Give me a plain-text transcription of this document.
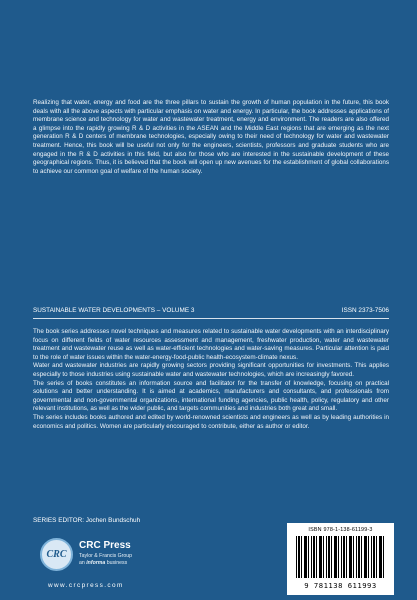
Realizing that water, energy and food are the three pillars to sustain the growth of human population in the future, this book deals with all the above aspects with particular emphasis on water and energy. In particular, the book addresses applications of membrane science and technology for water and wastewater treatment, energy and environment. The readers are also offered a glimpse into the rapidly growing R & D activities in the ASEAN and the Middle East regions that are emerging as the next generation R & D centers of membrane technologies, especially owing to their need of technology for water and wastewater treatment. Hence, this book will be useful not only for the engineers, scientists, professors and graduate students who are engaged in the R & D activities in this field, but also for those who are interested in the sustainable development of these geographical regions. Thus, it is believed that the book will open up new avenues for the establishment of global collaborations to achieve our common goal of welfare of the human society.

SUSTAINABLE WATER DEVELOPMENTS – VOLUME 3	ISSN 2373-7506

The book series addresses novel techniques and measures related to sustainable water developments with an interdisciplinary focus on different fields of water resources assessment and management, freshwater production, water and wastewater treatment and wastewater reuse as well as water-efficient technologies and water-saving measures. Particular attention is paid to the role of water issues within the water-energy-food-public health-ecosystem-climate nexus.

Water and wastewater industries are rapidly growing sectors providing significant opportunities for investments. This applies especially to those industries using sustainable water and wastewater technologies, which are increasingly favored.

The series of books constitutes an information source and facilitator for the transfer of knowledge, focusing on practical solutions and better understanding. It is aimed at academics, manufacturers and consultants, and professionals from governmental and non-governmental organizations, international funding agencies, public health, policy, regulatory and other relevant institutions, as well as the wider public, and targets communities and industries both great and small.

The series includes books authored and edited by world-renowned scientists and engineers as well as by leading authorities in economics and politics. Women are particularly encouraged to contribute, either as author or editor.

SERIES EDITOR: Jochen Bundschuh
CRC
CRC Press
Taylor & Francis Group
an informa business
www.crcpress.com
ISBN 978-1-138-61199-3
9 781138 611993
